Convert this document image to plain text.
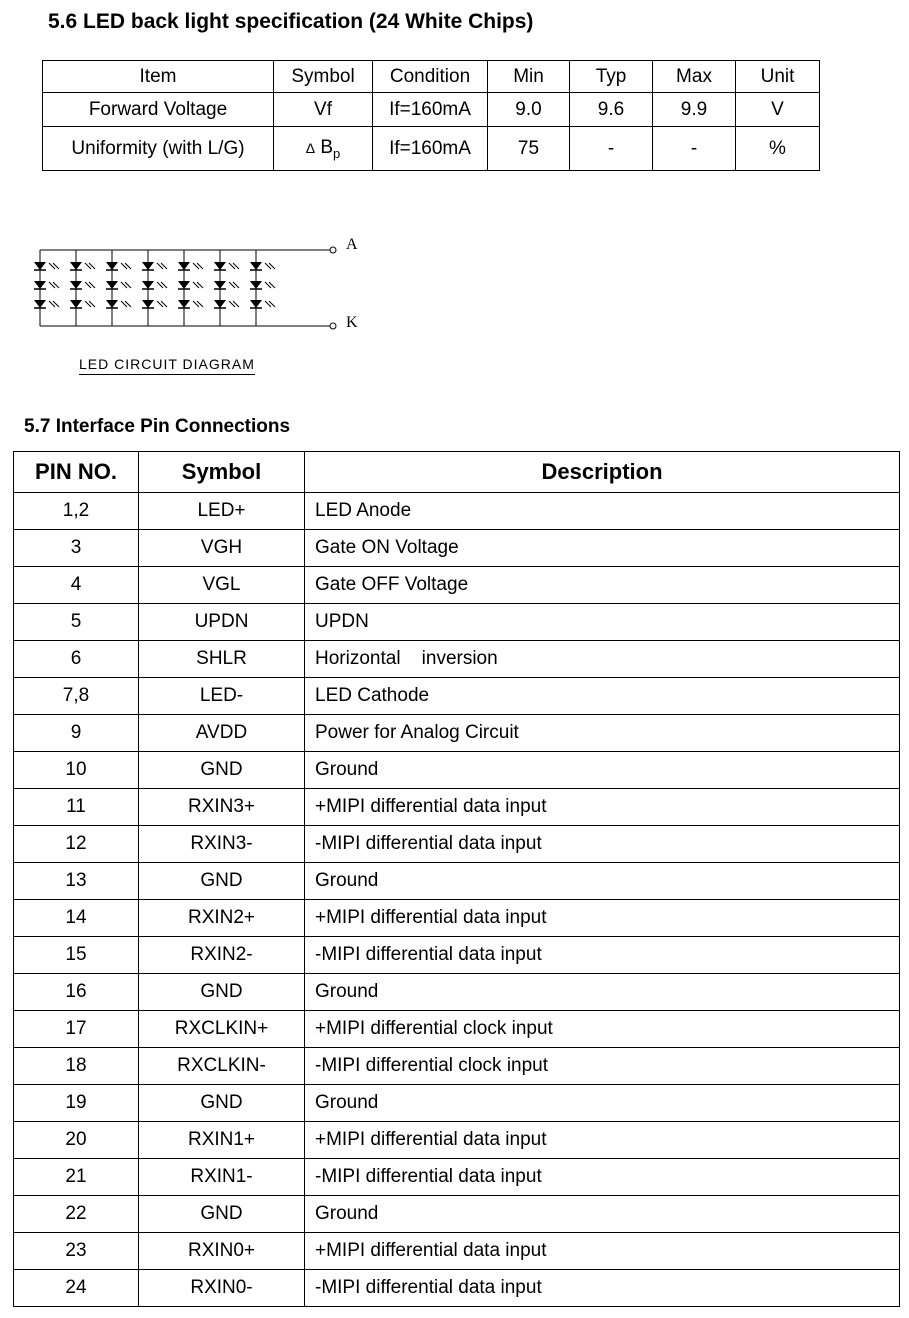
5.6 LED back light specification (24 White Chips)
Item	Symbol	Condition	Min	Typ	Max	Unit
Forward Voltage	Vf	If=160mA	9.0	9.6	9.9	V
Uniformity (with L/G)	Δ $B_p$	If=160mA	75	-	-	%
A
K
LED CIRCUIT DIAGRAM
5.7 Interface Pin Connections
PIN NO.	Symbol	Description
1,2	LED+	LED Anode
3	VGH	Gate ON Voltage
4	VGL	Gate OFF Voltage
5	UPDN	UPDN
6	SHLR	Horizontal    inversion
7,8	LED-	LED Cathode
9	AVDD	Power for Analog Circuit
10	GND	Ground
11	RXIN3+	+MIPI differential data input
12	RXIN3-	-MIPI differential data input
13	GND	Ground
14	RXIN2+	+MIPI differential data input
15	RXIN2-	-MIPI differential data input
16	GND	Ground
17	RXCLKIN+	+MIPI differential clock input
18	RXCLKIN-	-MIPI differential clock input
19	GND	Ground
20	RXIN1+	+MIPI differential data input
21	RXIN1-	-MIPI differential data input
22	GND	Ground
23	RXIN0+	+MIPI differential data input
24	RXIN0-	-MIPI differential data input
